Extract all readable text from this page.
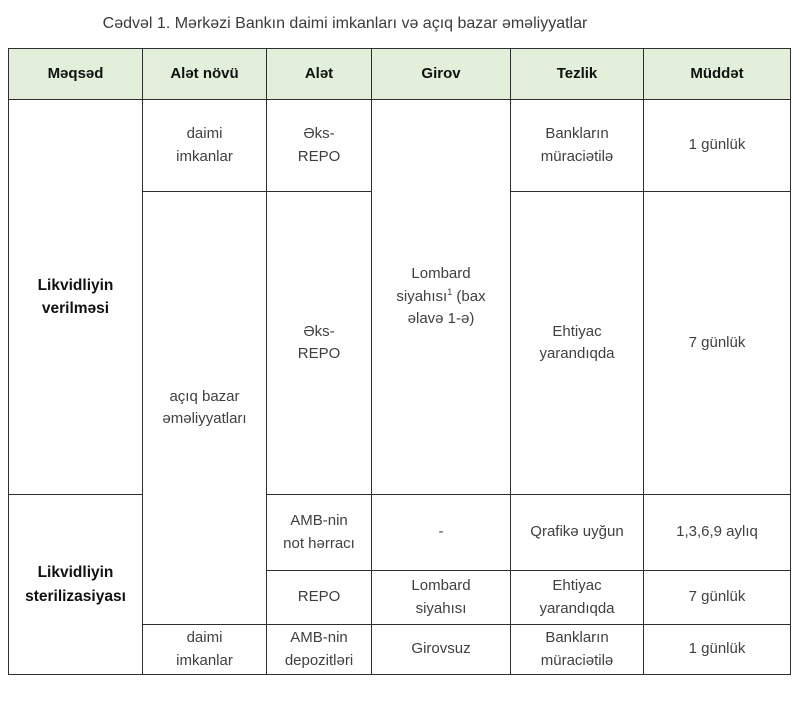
Cədvəl 1. Mərkəzi Bankın daimi imkanları və açıq bazar əməliyyatlar
Məqsəd	Alət növü	Alət	Girov	Tezlik	Müddət
Likvidliyin verilməsi	daimi imkanlar	Əks-REPO	Lombard siyahısı$^1$ (bax əlavə 1-ə)	Bankların müraciətilə	1 günlük
	açıq bazar əməliyyatları	Əks-REPO		Ehtiyac yarandıqda	7 günlük
Likvidliyin sterilizasiyası		AMB-nin not hərracı	-	Qrafikə uyğun	1,3,6,9 aylıq
		REPO	Lombard siyahısı	Ehtiyac yarandıqda	7 günlük
	daimi imkanlar	AMB-nin depozitləri	Girovsuz	Bankların müraciətilə	1 günlük
